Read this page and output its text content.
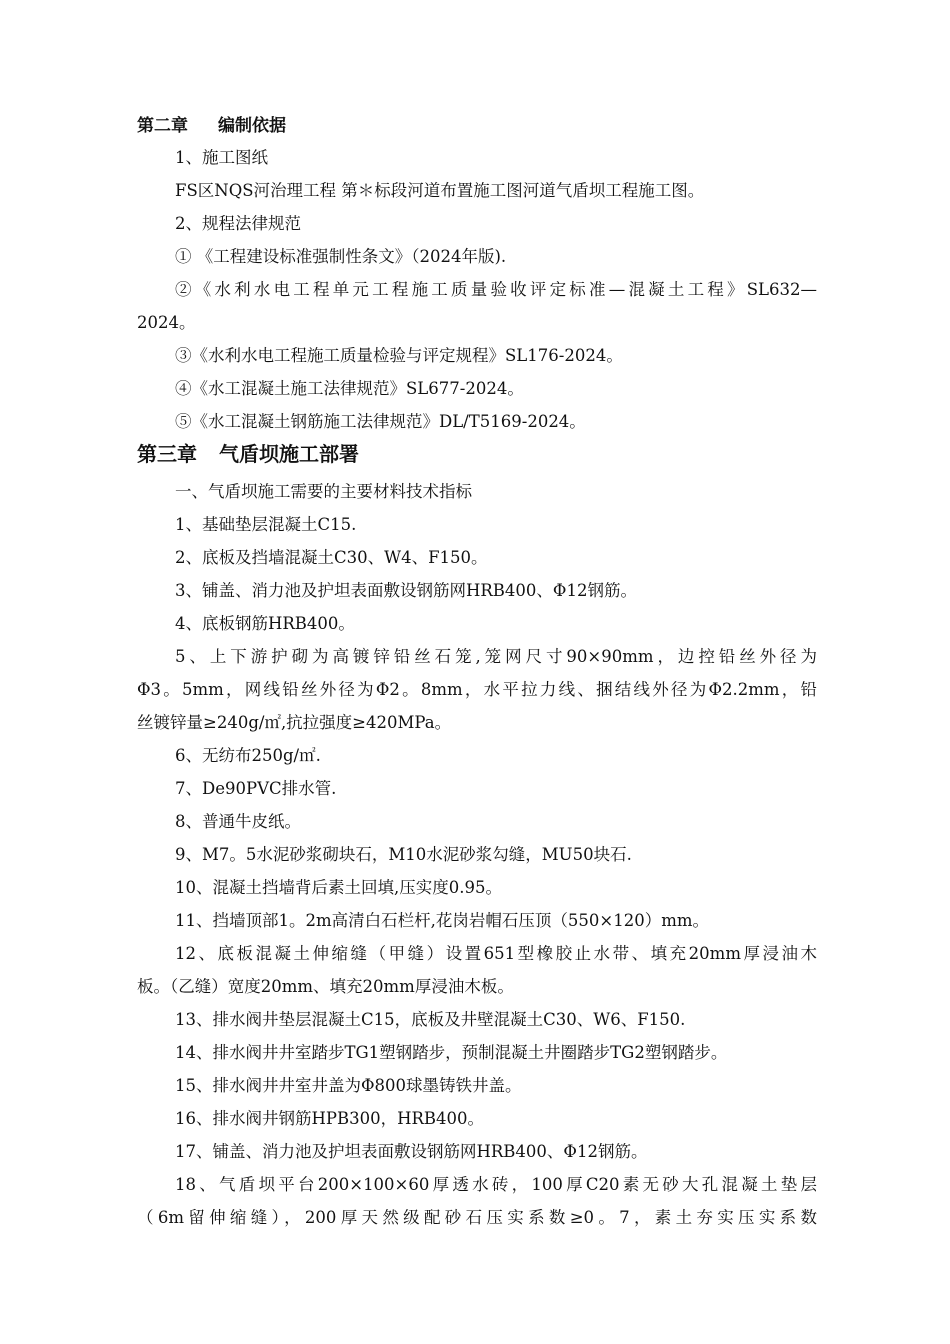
第二章 编制依据
1、施工图纸
FS区NQS河治理工程 第＊标段河道布置施工图河道气盾坝工程施工图。
2、规程法律规范
① 《工程建设标准强制性条文》（2024年版).
②《水利水电工程单元工程施工质量验收评定标准—混凝土工程》SL632—
2024。
③《水利水电工程施工质量检验与评定规程》SL176-2024。
④《水工混凝土施工法律规范》SL677-2024。
⑤《水工混凝土钢筋施工法律规范》DL/T5169-2024。
第三章 气盾坝施工部署
一、气盾坝施工需要的主要材料技术指标
1、基础垫层混凝土C15.
2、底板及挡墙混凝土C30、W4、F150。
3、铺盖、消力池及护坦表面敷设钢筋网HRB400、Φ12钢筋。
4、底板钢筋HRB400。
5、上下游护砌为高镀锌铅丝石笼,笼网尺寸90×90mm，边控铅丝外径为
Φ3。5mm，网线铅丝外径为Φ2。8mm，水平拉力线、捆结线外径为Φ2.2mm，铅
丝镀锌量≥240g/㎡,抗拉强度≥420MPa。
6、无纺布250g/㎡.
7、De90PVC排水管.
8、普通牛皮纸。
9、M7。5水泥砂浆砌块石，M10水泥砂浆勾缝，MU50块石.
10、混凝土挡墙背后素土回填,压实度0.95。
11、挡墙顶部1。2m高清白石栏杆,花岗岩帽石压顶（550×120）mm。
12、底板混凝土伸缩缝（甲缝）设置651型橡胶止水带、填充20mm厚浸油木
板。（乙缝）宽度20mm、填充20mm厚浸油木板。
13、排水阀井垫层混凝土C15，底板及井壁混凝土C30、W6、F150.
14、排水阀井井室踏步TG1塑钢踏步，预制混凝土井圈踏步TG2塑钢踏步。
15、排水阀井井室井盖为Φ800球墨铸铁井盖。
16、排水阀井钢筋HPB300，HRB400。
17、铺盖、消力池及护坦表面敷设钢筋网HRB400、Φ12钢筋。
18、气盾坝平台200×100×60厚透水砖，100厚C20素无砂大孔混凝土垫层
（6m留伸缩缝），200厚天然级配砂石压实系数≥0。7，素土夯实压实系数
